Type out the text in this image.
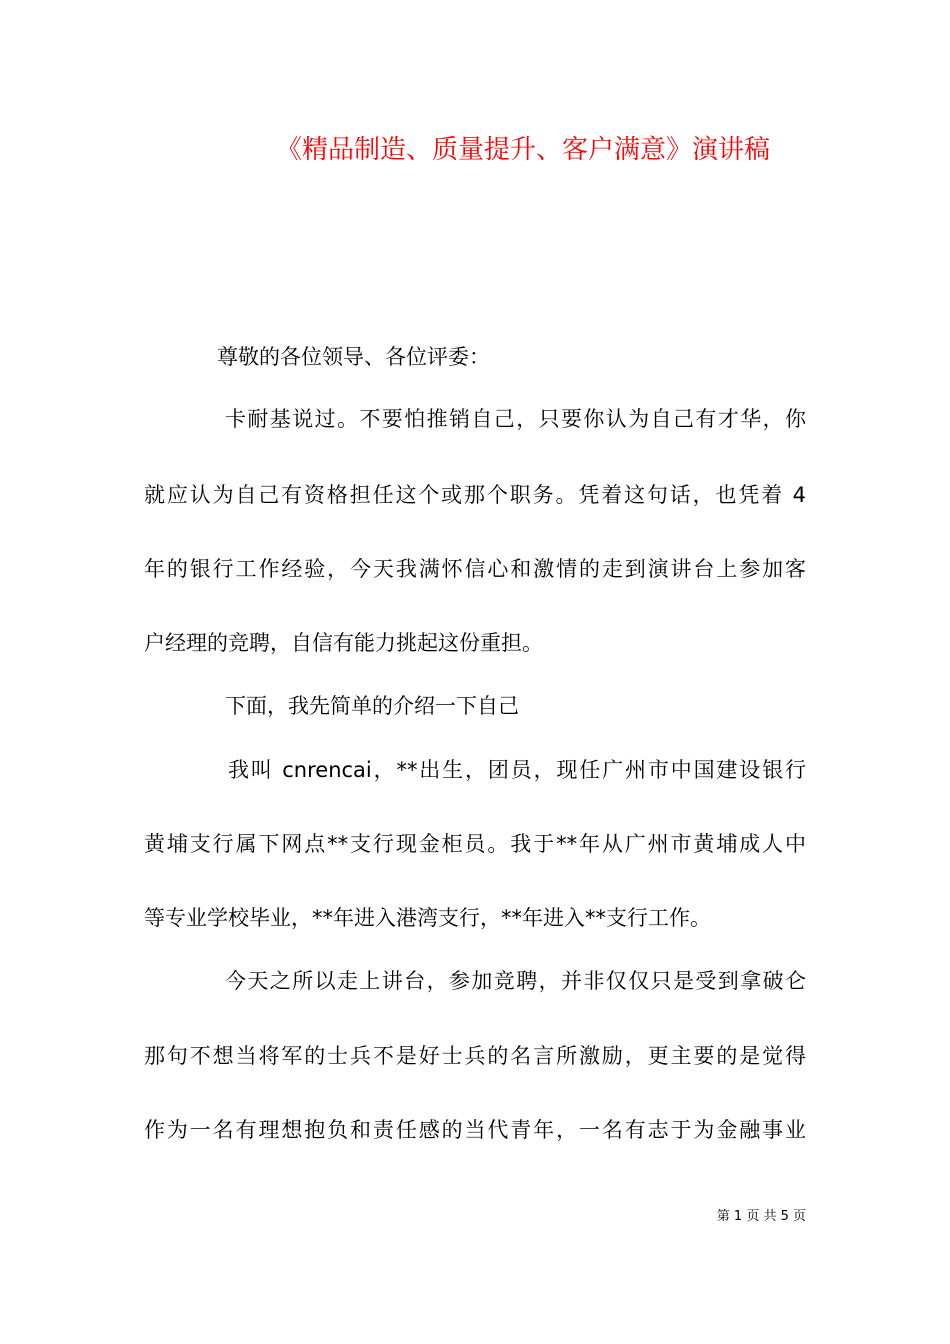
《精品制造、质量提升、客户满意》演讲稿
尊敬的各位领导、各位评委：
卡耐基说过。不要怕推销自己，只要你认为自己有才华，你
就应认为自己有资格担任这个或那个职务。凭着这句话，也凭着 4
年的银行工作经验，今天我满怀信心和激情的走到演讲台上参加客
户经理的竞聘，自信有能力挑起这份重担。
下面，我先简单的介绍一下自己
我叫 cnrencai，**出生，团员，现任广州市中国建设银行
黄埔支行属下网点**支行现金柜员。我于**年从广州市黄埔成人中
等专业学校毕业，**年进入港湾支行，**年进入**支行工作。
今天之所以走上讲台，参加竞聘，并非仅仅只是受到拿破仑
那句不想当将军的士兵不是好士兵的名言所激励，更主要的是觉得
作为一名有理想抱负和责任感的当代青年，一名有志于为金融事业
第 1 页 共 5 页
